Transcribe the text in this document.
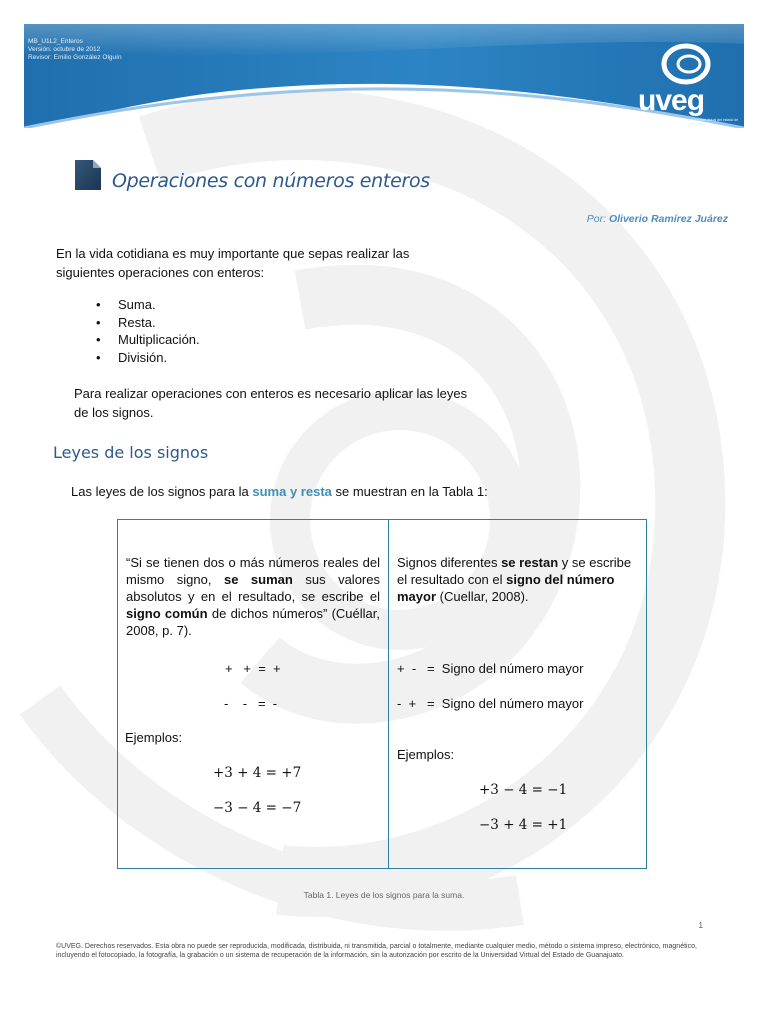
MB_U1L2_Enteros
Versión: octubre de 2012
Revisor: Emilio González Olguín
uveg
universidad virtual del estado de guanajuato
Operaciones con números enteros
Por: Oliverio Ramírez Juárez
En la vida cotidiana es muy importante que sepas realizar las siguientes operaciones con enteros:
• Suma.
• Resta.
• Multiplicación.
• División.
Para realizar operaciones con enteros es necesario aplicar las leyes de los signos.
Leyes de los signos
Las leyes de los signos para la suma y resta se muestran en la Tabla 1:
“Si se tienen dos o más números reales del mismo signo, se suman sus valores absolutos y en el resultado, se escribe el signo común de dichos números” (Cuéllar, 2008, p. 7).
+   +  =  +
-    -   =  -
Ejemplos:
+3 + 4 = +7
−3 − 4 = −7
Signos diferentes se restan y se escribe el resultado con el signo del número mayor (Cuellar, 2008).
+  -   =  Signo del número mayor
-  +   =  Signo del número mayor
Ejemplos:
+3 − 4 = −1
−3 + 4 = +1
Tabla 1. Leyes de los signos para la suma.
1
©UVEG. Derechos reservados. Esta obra no puede ser reproducida, modificada, distribuida, ni transmitida, parcial o totalmente, mediante cualquier medio, método o sistema impreso, electrónico, magnético, incluyendo el fotocopiado, la fotografía, la grabación o un sistema de recuperación de la información, sin la autorización por escrito de la Universidad Virtual del Estado de Guanajuato.
